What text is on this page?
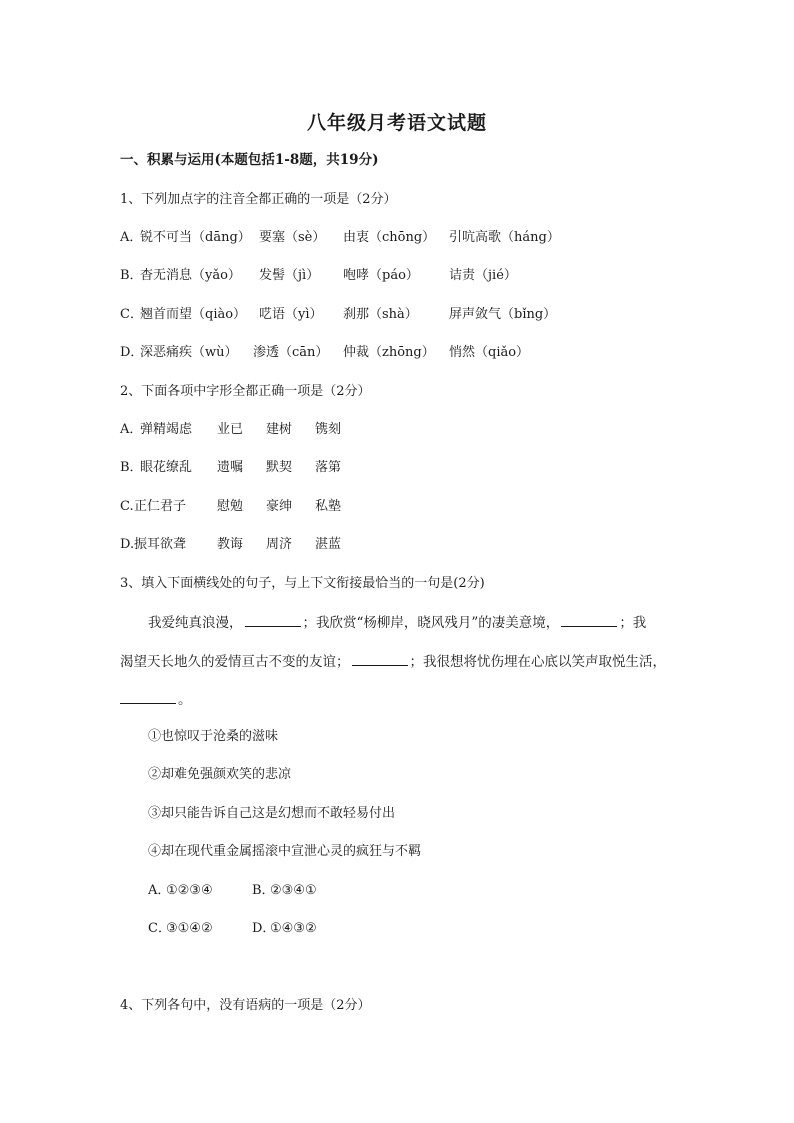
八年级月考语文试题
一、积累与运用(本题包括1-8题，共19分)
1、下列加点字的注音全都正确的一项是（2分）
A．
锐不可当（dāng） 要塞（sè） 由衷（chōng） 引吭高歌（háng）
B．
杳无消息（yǎo） 发髻（jì） 咆哮（páo） 诘责（jié）
C．
翘首而望（qiào） 呓语（yì） 刹那（shà） 屏声敛气（bǐng）
D．
深恶痛疾（wù） 渗透（cān） 仲裁（zhōng） 悄然（qiǎo）
2、下面各项中字形全都正确一项是（2分）
A．
弹精竭虑 业已 建树 镌刻
B．
眼花缭乱 遗嘱 默契 落第
C. 正仁君子 慰勉 豪绅 私塾
D. 振耳欲聋 教诲 周济 湛蓝
3、填入下面横线处的句子，与上下文衔接最恰当的一句是(2分)
我爱纯真浪漫，	；我欣赏“杨柳岸，晓风残月”的凄美意境，	；我
渴望天长地久的爱情亘古不变的友谊；	；我很想将忧伤埋在心底以笑声取悦生活，
。
①也惊叹于沧桑的滋味
②却难免强颜欢笑的悲凉
③却只能告诉自己这是幻想而不敢轻易付出
④却在现代重金属摇滚中宣泄心灵的疯狂与不羁
A．
①②③④	B．
②③④①
C．
③①④②	D．
①④③②
4、下列各句中，没有语病的一项是（2分）
